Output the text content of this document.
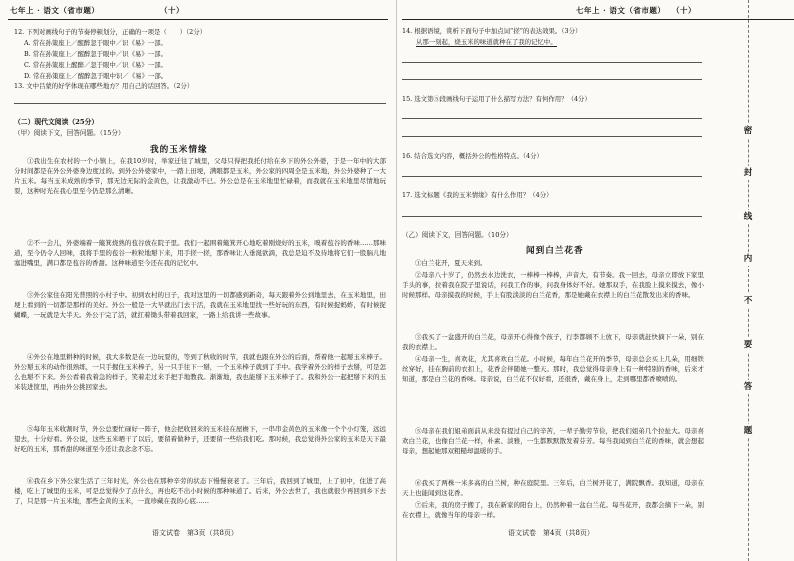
七年上 · 语文（省市题）	（十）
12. 下列对画线句子的节奏停顿划分，正确的一项是（　　）（2分）
A. 常在孙策座上／醒醉忽于眼中／识《易》一部。
B. 常在孙策座上／醒醉忽于眼中／识《易》一部。
C. 常在孙策座上醒醉／忽于眼中／识《易》一部。
D. 常在孙策座上／醒醉忽于眼中识／《易》一部。
13. 文中吕蒙的好学体现在哪些地方？用自己的话回答。（2分）
（二）现代文阅读（25分）
（甲）阅读下文，回答问题。（15分）
我的玉米情缘

①我出生在农村的一个小镇上，在我10岁时，举家迁往了城里，父母只得把我托付给在乡下的外公外婆，于是一年中的大部分时间都是在外公外婆身边度过的。到外公外婆家中，一踏上田埂，满眼都是玉米，外公家的四周全是玉米地，外公外婆种了一大片玉米。每当玉米成熟的季节，那无边无际的金黄色，让我激动不已。外公总是在玉米地里忙碌着，而我就在玉米地里尽情地玩耍，这种时光在我心里至今仍是那么清晰。

②不一会儿，外婆端着一簸箕烧熟的苞谷放在院子里。我们一起围着簸箕开心地吃着刚烧好的玉米，嗅着苞谷的香味……那味道，至今仍令人回味，我将手里的苞谷一粒粒地掰下来，用手搓一搓，那香味让人垂涎欲滴，我总是迫不及待地将它们一股脑儿地塞进嘴里，满口都是苞谷的香甜。这种味道至今还在我的记忆中。

③外公家住在阳光普照的小村子中。初到农村的日子，我对这里的一切都感到新奇，每天跟着外公到地里去，在玉米地里，田埂上看到的一切都是那样的美好。外公一般是一大早就出门去干活，我就在玉米地里找一些好玩的东西，有时候捉蚂蚱，有时候捉蝴蝶，一玩就是大半天。外公干完了活，就扛着锄头带着我回家，一路上给我讲一些故事。

④外公在地里耕种的时候，我大多数是在一边玩耍的，等到了秋收的时节，我就也跟在外公的后面，帮着他一起掰玉米棒子。外公掰玉米的动作很熟练，一只手握住玉米棒子，另一只手往下一掰，一个玉米棒子就到了手中。我学着外公的样子去掰，可是怎么也掰不下来。外公看着我着急的样子，笑着走过来手把手地教我。渐渐地，我也能掰下玉米棒子了。我和外公一起把掰下来的玉米装进筐里，再由外公挑回家去。

⑤每年玉米收割时节，外公总要忙碌好一阵子，他会把收回来的玉米挂在屋檐下，一串串金黄色的玉米像一个个小灯笼，远远望去，十分好看。外公说，这些玉米晒干了以后，要留着做种子，还要留一些给我们吃。那时候，我总觉得外公家的玉米是天下最好吃的玉米，那香甜的味道至今还让我念念不忘。

⑥我在乡下外公家生活了三年时光，外公也在那种辛劳的状态下慢慢衰老了。三年后，我回到了城里，上了初中，住进了高楼，吃上了城里的玉米，可是总觉得少了点什么，再也吃不出小时候的那种味道了。后来，外公去世了，我也就很少再回到乡下去了，只是那一片玉米地，那些金黄的玉米，一直珍藏在我的心底……

语文试卷　第3页（共8页）
七年上 · 语文（省市题） （十）
14. 根据语境，赏析下面句子中加点词“搓”的表达效果。（3分）
从那一刻起，烧玉米的味道就种在了我的记忆中。
15. 选文第⑤段画线句子运用了什么描写方法？有何作用？（4分）
16. 结合选文内容，概括外公的性格特点。（4分）
17. 选文标题《我的玉米情缘》有什么作用？（4分）
（乙）阅读下文，回答问题。（10分）
闻到白兰花香

①白兰花开，夏天来到。

②母亲八十岁了，仍然去水边洗衣，一棒棒一棒棒，声音大，有节奏。我一回去，母亲立即放下家里手头的事，拉着我在院子里说话，问我工作的事，问我身体好不好。她那双手，在我脸上摸来摸去，像小时候那样。母亲摸我的时候，手上有股淡淡的白兰花香，那是她戴在衣襟上的白兰花散发出来的香味。

③我买了一盆盛开的白兰花，母亲开心得像个孩子，行李都顾不上放下，母亲就赶快摘下一朵，别在我的衣襟上。

④母亲一生，喜欢花，尤其喜欢白兰花。小时候，每年白兰花开的季节，母亲总会买上几朵，用细铁丝穿好，挂在胸前的衣扣上，花香会伴随她一整天。那时，我总觉得母亲身上有一种特别的香味，后来才知道，那是白兰花的香味。母亲说，白兰花不仅好看，还很香，戴在身上，走到哪里都香喷喷的。

⑤母亲在我们姐弟面前从来没有提过自己的辛苦，一辈子勤劳节俭，把我们姐弟几个拉扯大。母亲喜欢白兰花，也像白兰花一样，朴素、淡雅，一生都默默散发着芬芳。每当我闻到白兰花的香味，就会想起母亲，想起她那双粗糙却温暖的手。

⑥我买了两株一米多高的白兰树，种在庭院里。三年后，白兰树开花了，满院飘香。我知道，母亲在天上也能闻到这花香。

⑦后来，我的房子搬了，我在新家的阳台上，仍然种着一盆白兰花。每当花开，我都会摘下一朵，别在衣襟上，就像当年的母亲一样。

语文试卷　第4页（共8页）
密
封
线
内
不
要
答
题
